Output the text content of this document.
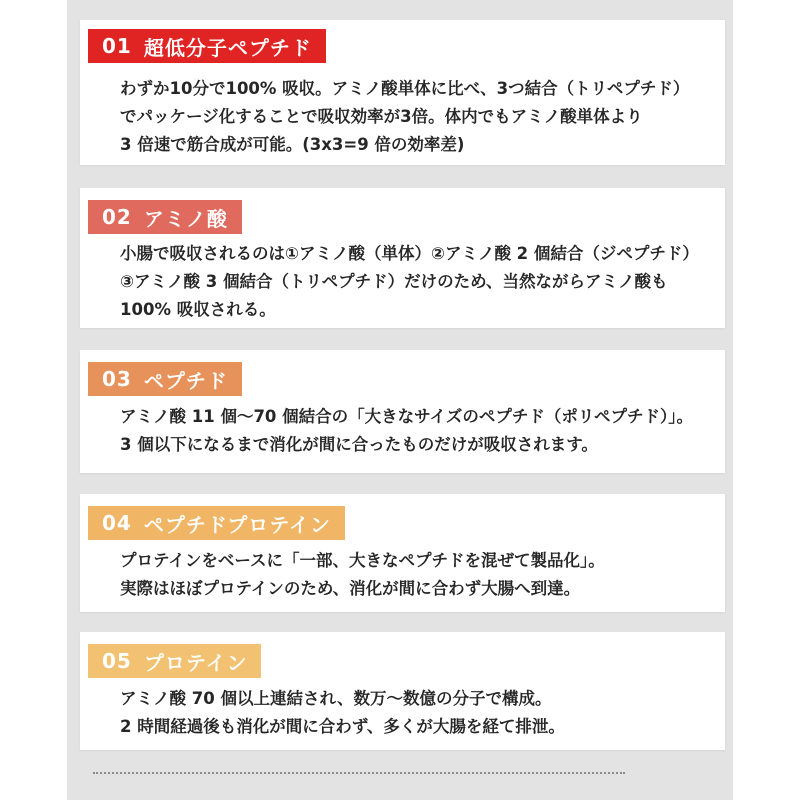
01 超低分子ペプチド
わずか10分で100% 吸収。アミノ酸単体に比べ、3つ結合（トリペプチド）
でパッケージ化することで吸収効率が3倍。体内でもアミノ酸単体より
3 倍速で筋合成が可能。(3x3=9 倍の効率差)
02 アミノ酸
小腸で吸収されるのは①アミノ酸（単体）②アミノ酸 2 個結合（ジペプチド）
③アミノ酸 3 個結合（トリペプチド）だけのため、当然ながらアミノ酸も
100% 吸収される。
03 ペプチド
アミノ酸 11 個〜70 個結合の「大きなサイズのペプチド（ポリペプチド）」。
3 個以下になるまで消化が間に合ったものだけが吸収されます。
04 ペプチドプロテイン
プロテインをベースに「一部、大きなペプチドを混ぜて製品化」。
実際はほぼプロテインのため、消化が間に合わず大腸へ到達。
05 プロテイン
アミノ酸 70 個以上連結され、数万〜数億の分子で構成。
2 時間経過後も消化が間に合わず、多くが大腸を経て排泄。
